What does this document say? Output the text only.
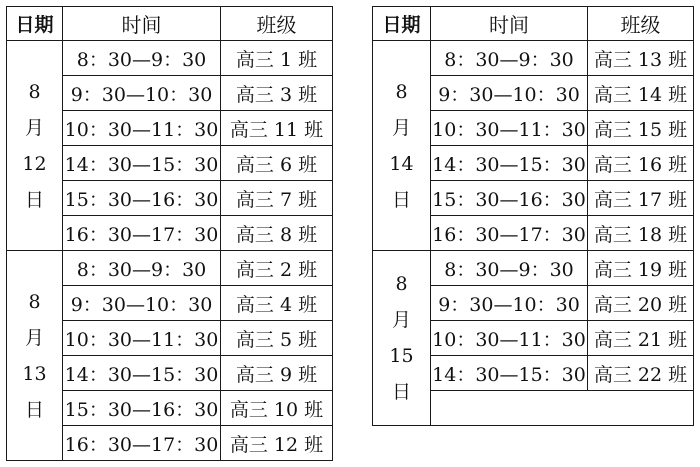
日期	时间	班级

8
月
12
日	8：30—9：30	高三 1 班
	9：30—10：30	高三 3 班
	10：30—11：30	高三 11 班
	14：30—15：30	高三 6 班
	15：30—16：30	高三 7 班
	16：30—17：30	高三 8 班

8
月
13
日	8：30—9：30	高三 2 班
	9：30—10：30	高三 4 班
	10：30—11：30	高三 5 班
	14：30—15：30	高三 9 班
	15：30—16：30	高三 10 班
	16：30—17：30	高三 12 班
日期	时间	班级

8
月
14
日	8：30—9：30	高三 13 班
	9：30—10：30	高三 14 班
	10：30—11：30	高三 15 班
	14：30—15：30	高三 16 班
	15：30—16：30	高三 17 班
	16：30—17：30	高三 18 班

8
月
15
日	8：30—9：30	高三 19 班
	9：30—10：30	高三 20 班
	10：30—11：30	高三 21 班
	14：30—15：30	高三 22 班
